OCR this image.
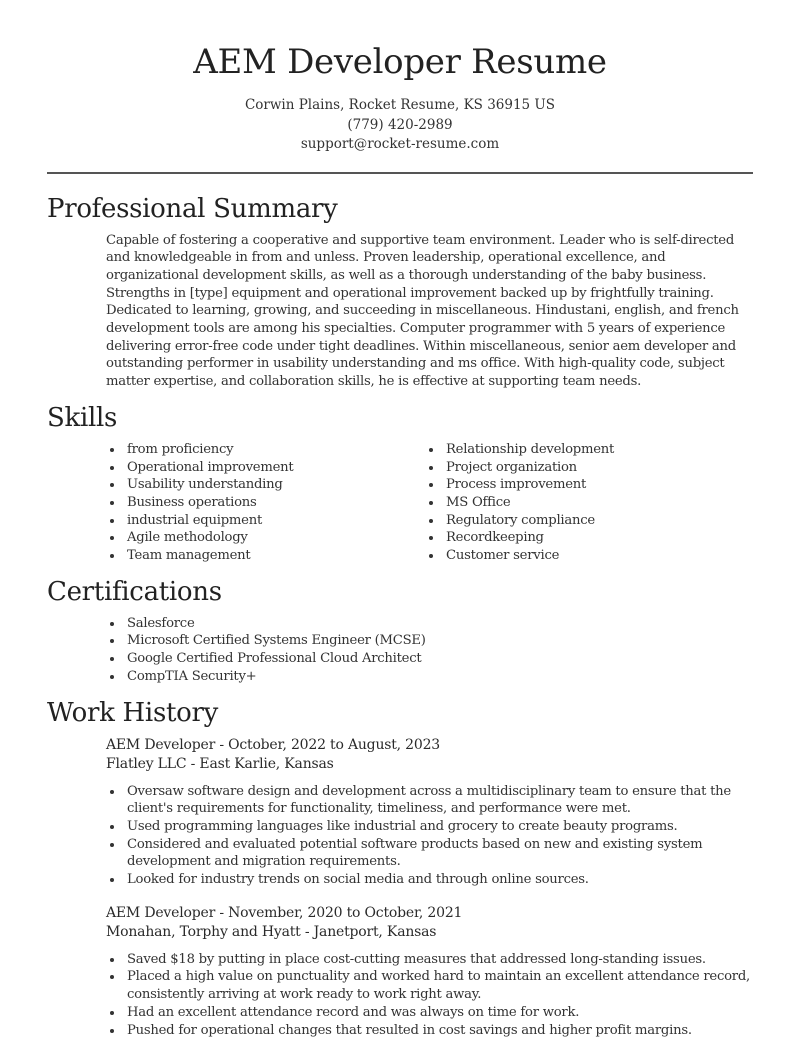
AEM Developer Resume
Corwin Plains, Rocket Resume, KS 36915 US
(779) 420-2989
support@rocket-resume.com
Professional Summary

Capable of fostering a cooperative and supportive team environment. Leader who is self-directed and knowledgeable in from and unless. Proven leadership, operational excellence, and organizational development skills, as well as a thorough understanding of the baby business. Strengths in [type] equipment and operational improvement backed up by frightfully training. Dedicated to learning, growing, and succeeding in miscellaneous. Hindustani, english, and french development tools are among his specialties. Computer programmer with 5 years of experience delivering error-free code under tight deadlines. Within miscellaneous, senior aem developer and outstanding performer in usability understanding and ms office. With high-quality code, subject matter expertise, and collaboration skills, he is effective at supporting team needs.

Skills
from proficiency
Operational improvement
Usability understanding
Business operations
industrial equipment
Agile methodology
Team management
Relationship development
Project organization
Process improvement
MS Office
Regulatory compliance
Recordkeeping
Customer service
Certifications
Salesforce
Microsoft Certified Systems Engineer (MCSE)
Google Certified Professional Cloud Architect
CompTIA Security+
Work History
AEM Developer - October, 2022 to August, 2023
Flatley LLC - East Karlie, Kansas
Oversaw software design and development across a multidisciplinary team to ensure that the client's requirements for functionality, timeliness, and performance were met.
Used programming languages like industrial and grocery to create beauty programs.
Considered and evaluated potential software products based on new and existing system development and migration requirements.
Looked for industry trends on social media and through online sources.
AEM Developer - November, 2020 to October, 2021
Monahan, Torphy and Hyatt - Janetport, Kansas
Saved $18 by putting in place cost-cutting measures that addressed long-standing issues.
Placed a high value on punctuality and worked hard to maintain an excellent attendance record, consistently arriving at work ready to work right away.
Had an excellent attendance record and was always on time for work.
Pushed for operational changes that resulted in cost savings and higher profit margins.
